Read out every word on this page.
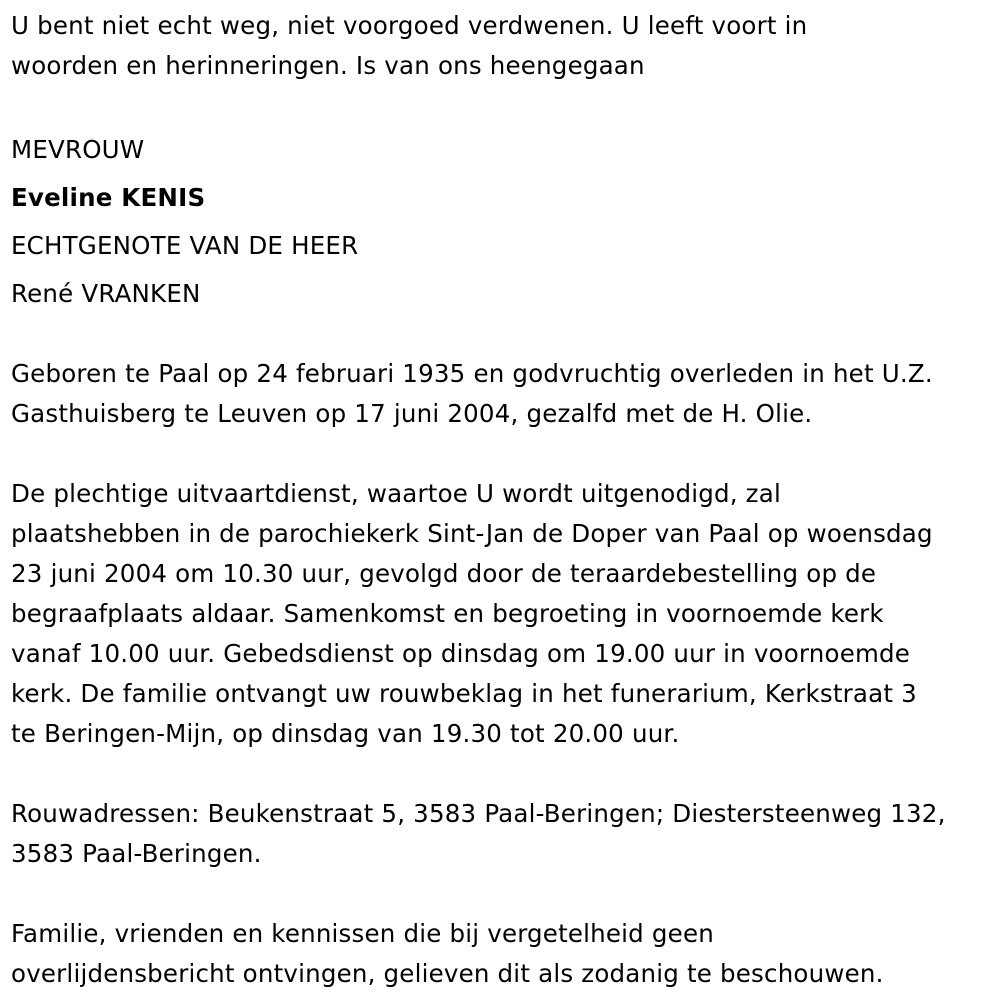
U bent niet echt weg, niet voorgoed verdwenen. U leeft voort in
woorden en herinneringen. Is van ons heengegaan

MEVROUW
Eveline KENIS
ECHTGENOTE VAN DE HEER
René VRANKEN

Geboren te Paal op 24 februari 1935 en godvruchtig overleden in het U.Z.
Gasthuisberg te Leuven op 17 juni 2004, gezalfd met de H. Olie.

De plechtige uitvaartdienst, waartoe U wordt uitgenodigd, zal
plaatshebben in de parochiekerk Sint-Jan de Doper van Paal op woensdag
23 juni 2004 om 10.30 uur, gevolgd door de teraardebestelling op de
begraafplaats aldaar. Samenkomst en begroeting in voornoemde kerk
vanaf 10.00 uur. Gebedsdienst op dinsdag om 19.00 uur in voornoemde
kerk. De familie ontvangt uw rouwbeklag in het funerarium, Kerkstraat 3
te Beringen-Mijn, op dinsdag van 19.30 tot 20.00 uur.

Rouwadressen: Beukenstraat 5, 3583 Paal-Beringen; Diestersteenweg 132,
3583 Paal-Beringen.

Familie, vrienden en kennissen die bij vergetelheid geen
overlijdensbericht ontvingen, gelieven dit als zodanig te beschouwen.
